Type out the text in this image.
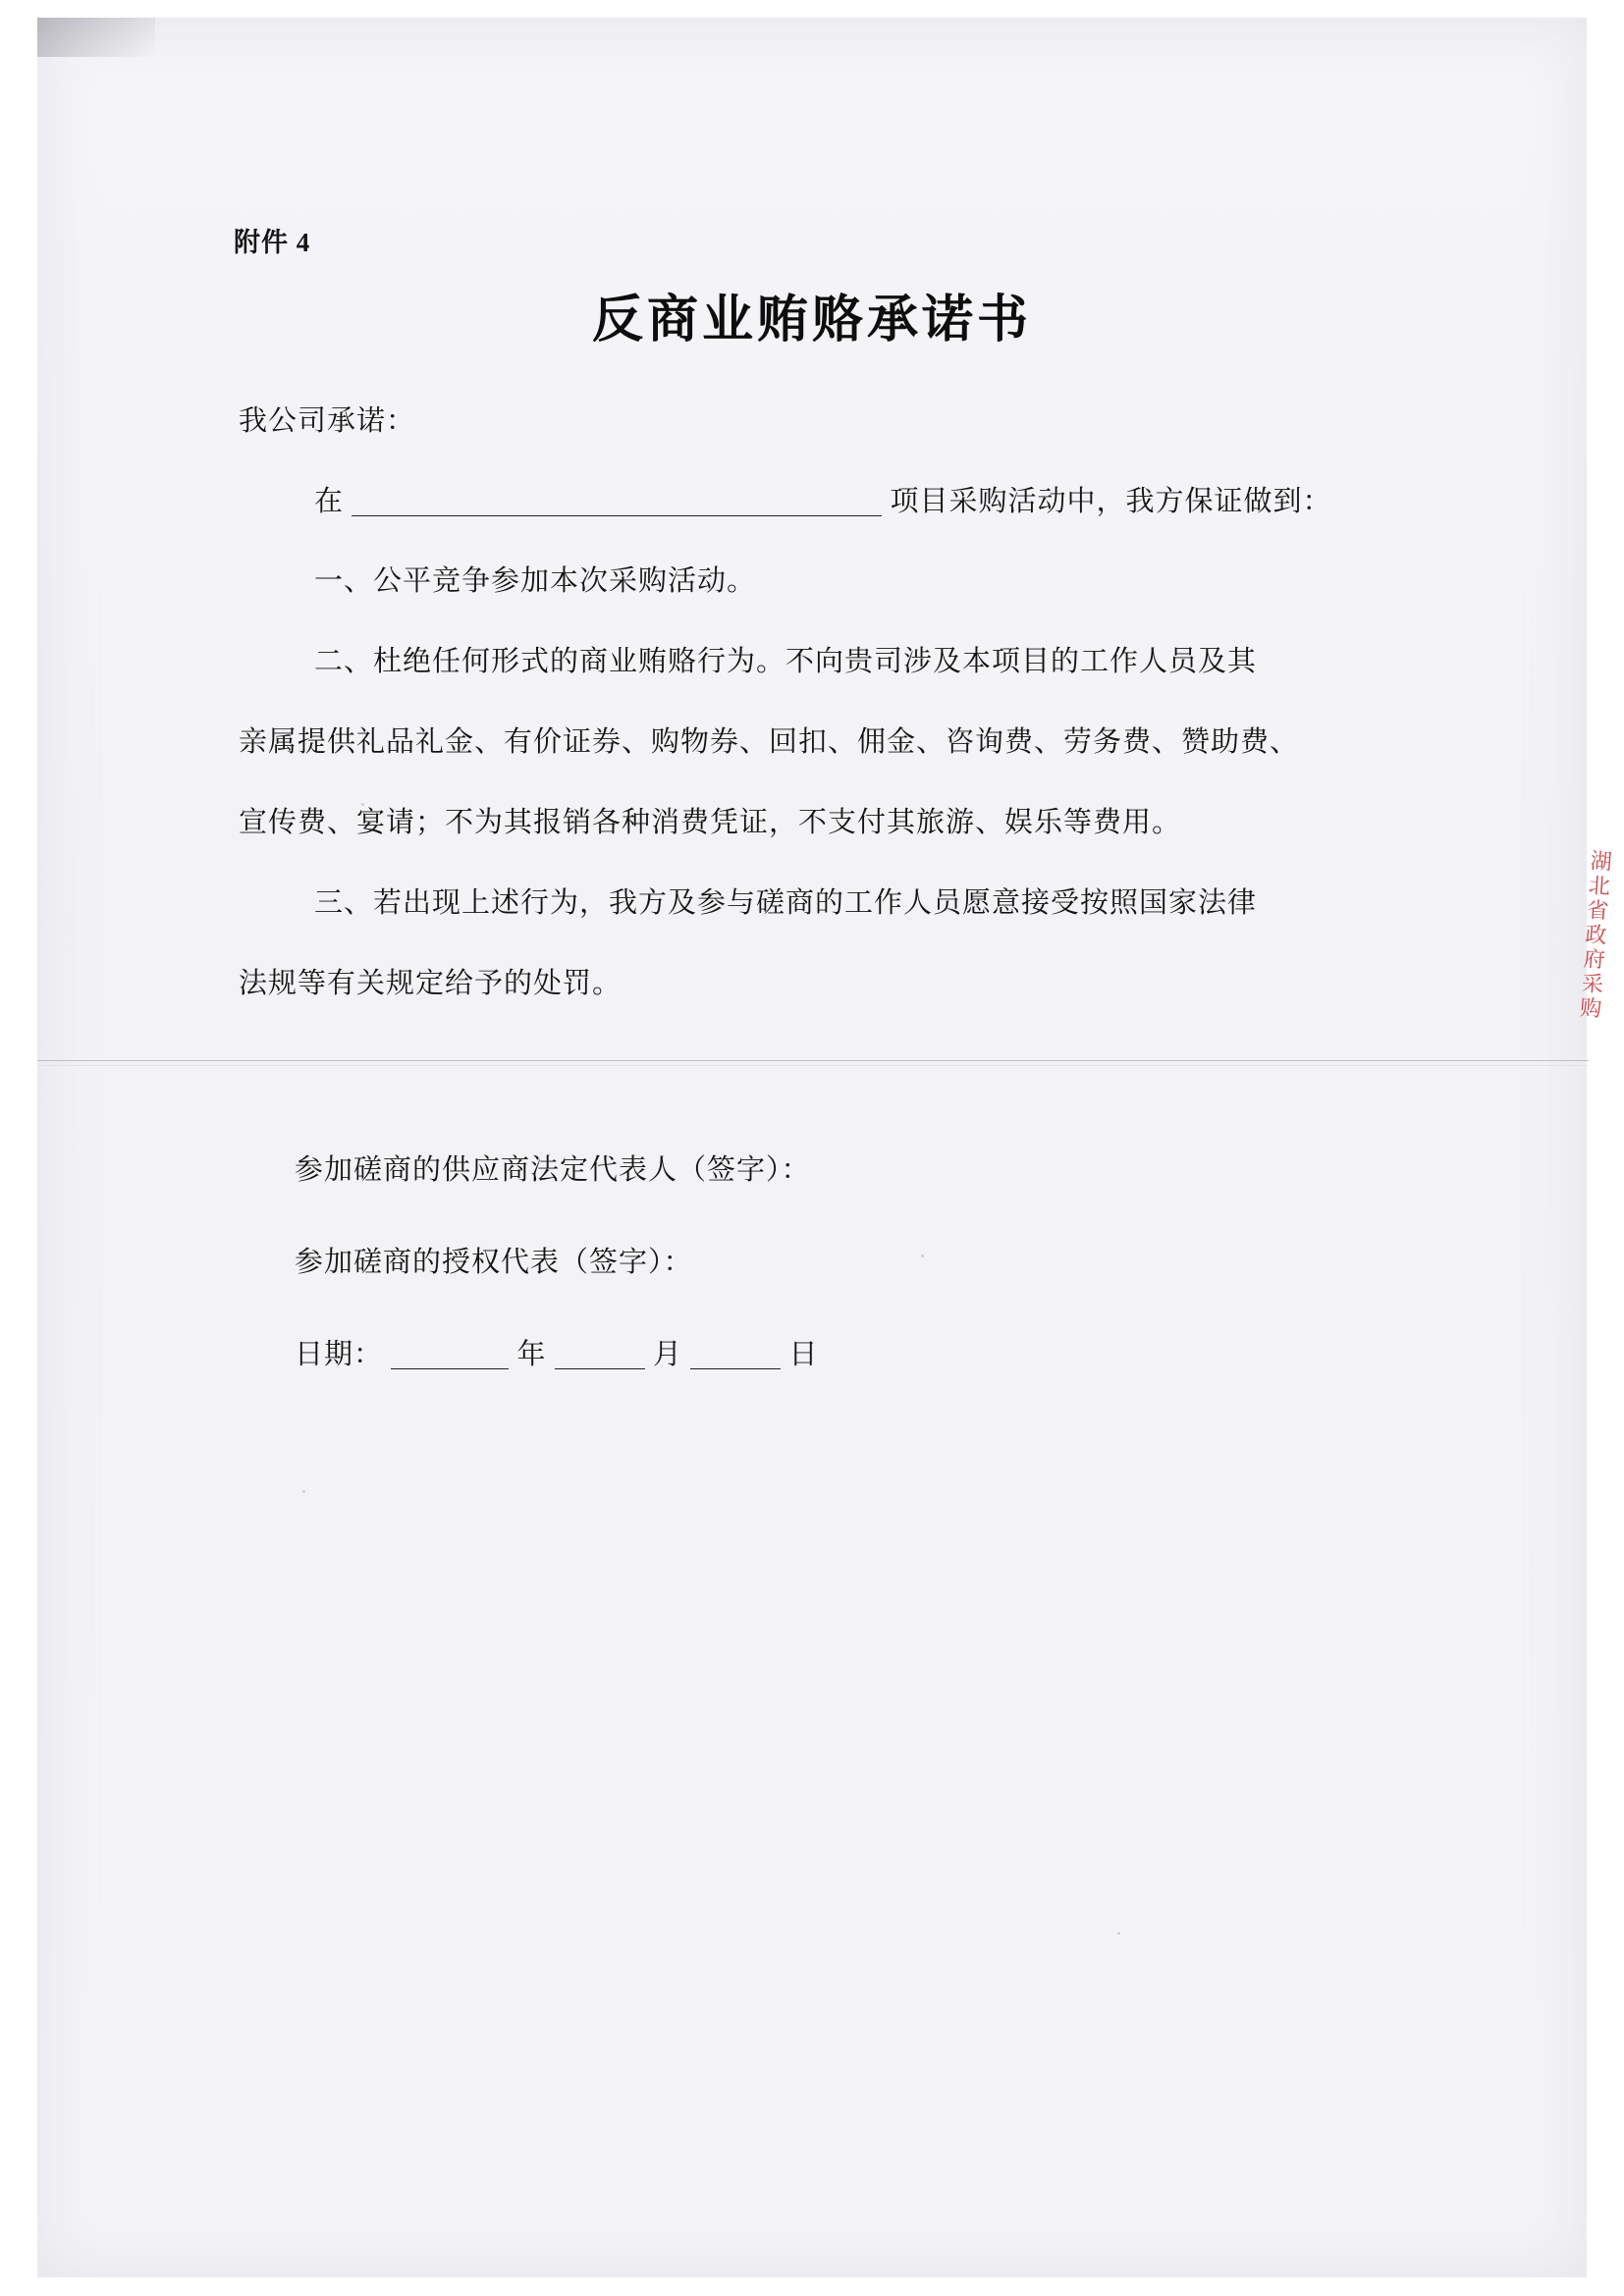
附件 4
反商业贿赂承诺书
我公司承诺：
在	项目采购活动中，我方保证做到：
一、公平竞争参加本次采购活动。
二、杜绝任何形式的商业贿赂行为。不向贵司涉及本项目的工作人员及其
亲属提供礼品礼金、有价证券、购物券、回扣、佣金、咨询费、劳务费、赞助费、
宣传费、宴请；不为其报销各种消费凭证，不支付其旅游、娱乐等费用。
三、若出现上述行为，我方及参与磋商的工作人员愿意接受按照国家法律
法规等有关规定给予的处罚。
参加磋商的供应商法定代表人（签字）：
参加磋商的授权代表（签字）：
日期：	年	月	日
湖北省政府采购
